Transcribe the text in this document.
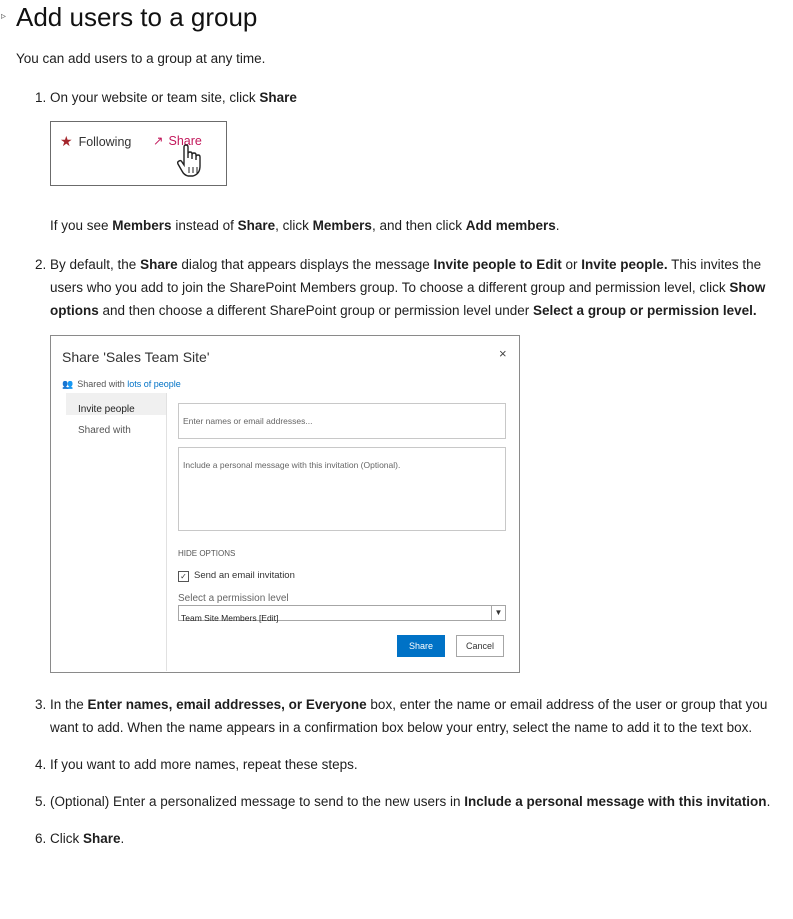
▹ Add users to a group

You can add users to a group at any time.

1. On your website or team site, click Share
★ Following ↗ Share

If you see Members instead of Share, click Members, and then click Add members.

2. By default, the Share dialog that appears displays the message Invite people to Edit or Invite people. This invites the users who you add to join the SharePoint Members group. To choose a different group and permission level, click Show options and then choose a different SharePoint group or permission level under Select a group or permission level.
Share 'Sales Team Site'	×
👥 Shared with lots of people
Invite people
Shared with
Enter names or email addresses...
Include a personal message with this invitation (Optional).
HIDE OPTIONS
✓ Send an email invitation
Select a permission level
Team Site Members [Edit]
▼
Share	Cancel
3. In the Enter names, email addresses, or Everyone box, enter the name or email address of the user or group that you want to add. When the name appears in a confirmation box below your entry, select the name to add it to the text box.
4. If you want to add more names, repeat these steps.
5. (Optional) Enter a personalized message to send to the new users in Include a personal message with this invitation.
6. Click Share.
